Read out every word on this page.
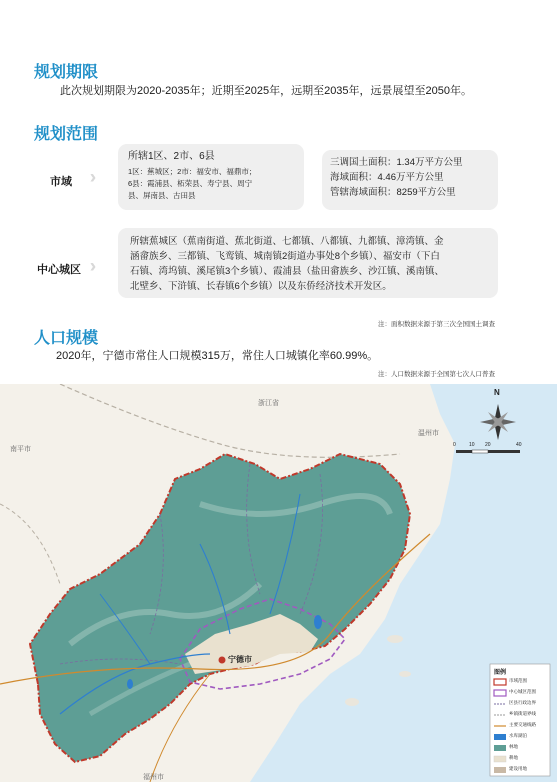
规划期限
此次规划期限为2020-2035年；近期至2025年，远期至2035年，远景展望至2050年。
规划范围
市域
所辖1区、2市、6县
1区：蕉城区；2市：福安市、福鼎市；
6县：霞浦县、柘荣县、寿宁县、周宁
县、屏南县、古田县
三调国土面积：1.34万平方公里
海域面积：4.46万平方公里
管辖海域面积：8259平方公里
中心城区
所辖蕉城区（蕉南街道、蕉北街道、七都镇、八都镇、九都镇、漳湾镇、金
涵畲族乡、三都镇、飞鸾镇、城南镇2街道办事处8个乡镇）、福安市（下白
石镇、湾坞镇、溪尾镇3个乡镇）、霞浦县（盐田畲族乡、沙江镇、溪南镇、
北壁乡、下浒镇、长春镇6个乡镇）以及东侨经济技术开发区。
注：面积数据来源于第三次全国国土调查
人口规模
2020年，宁德市常住人口规模315万，常住人口城镇化率60.99%。
注：人口数据来源于全国第七次人口普查
浙江省
南平市
温州市
福州市
宁德市
N
0	10 20	40
图例
市域范围
中心城区范围
区县行政边界
乡镇街道界线
主要交通线路
水库湖泊
林地
耕地
建设用地
